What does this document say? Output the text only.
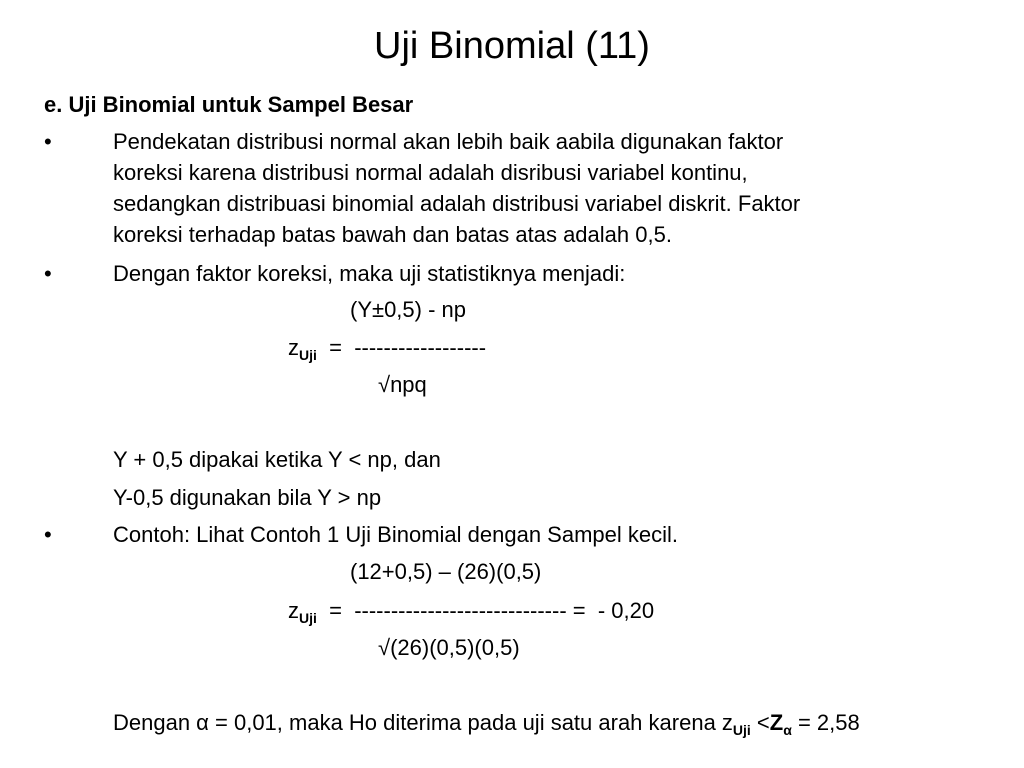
Uji Binomial (11)
e. Uji Binomial untuk Sampel Besar
•	Pendekatan distribusi normal akan lebih baik aabila digunakan faktor
koreksi karena distribusi normal adalah disribusi variabel kontinu,
sedangkan distribuasi binomial adalah distribusi variabel diskrit. Faktor
koreksi terhadap batas bawah dan batas atas adalah 0,5.
•	Dengan faktor koreksi, maka uji statistiknya menjadi:
(Y±0,5) - np
$z_{Uji}$  =  ------------------
√npq
Y + 0,5 dipakai ketika Y < np, dan
Y-0,5 digunakan bila Y > np
•	Contoh: Lihat Contoh 1 Uji Binomial dengan Sampel kecil.
(12+0,5) – (26)(0,5)
$z_{Uji}$  =  ----------------------------- =  - 0,20
√(26)(0,5)(0,5)
Dengan α = 0,01, maka Ho diterima pada uji satu arah karena $z_{Uji} <Z_\alpha = 2,58$
